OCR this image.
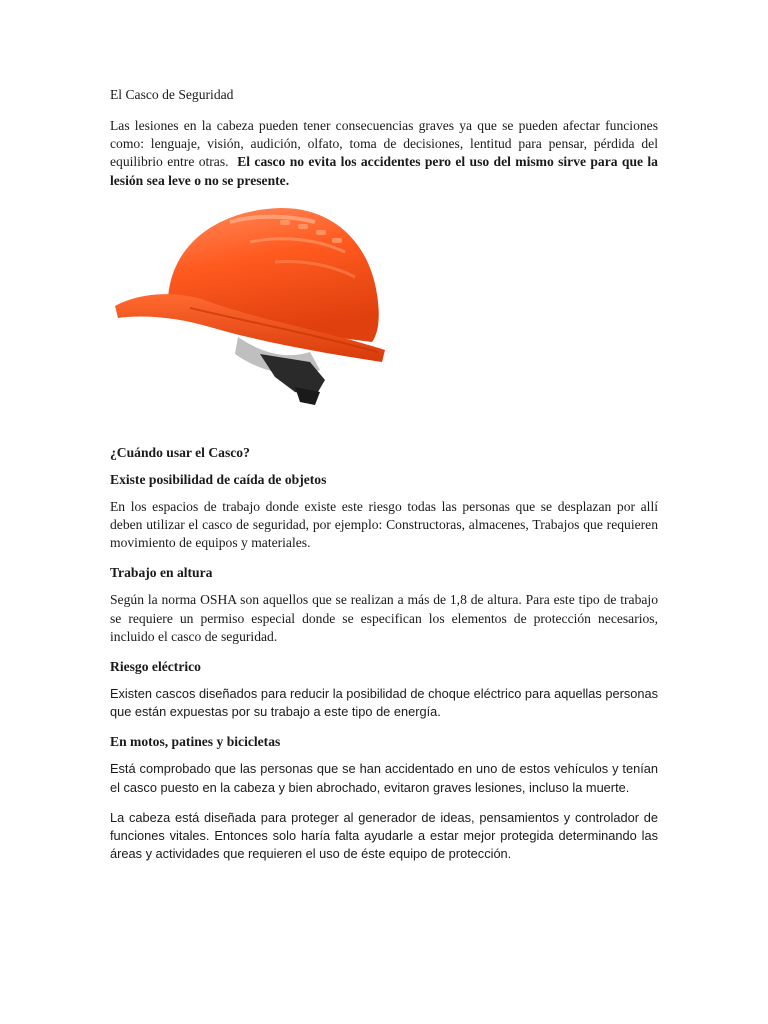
El Casco de Seguridad

Las lesiones en la cabeza pueden tener consecuencias graves ya que se pueden afectar funciones como: lenguaje, visión, audición, olfato, toma de decisiones, lentitud para pensar, pérdida del equilibrio entre otras. El casco no evita los accidentes pero el uso del mismo sirve para que la lesión sea leve o no se presente.

¿Cuándo usar el Casco?

Existe posibilidad de caída de objetos

En los espacios de trabajo donde existe este riesgo todas las personas que se desplazan por allí deben utilizar el casco de seguridad, por ejemplo: Constructoras, almacenes, Trabajos que requieren movimiento de equipos y materiales.

Trabajo en altura

Según la norma OSHA son aquellos que se realizan a más de 1,8 de altura. Para este tipo de trabajo se requiere un permiso especial donde se especifican los elementos de protección necesarios, incluido el casco de seguridad.

Riesgo eléctrico

Existen cascos diseñados para reducir la posibilidad de choque eléctrico para aquellas personas que están expuestas por su trabajo a este tipo de energía.

En motos, patines y bicicletas

Está comprobado que las personas que se han accidentado en uno de estos vehículos y tenían el casco puesto en la cabeza y bien abrochado, evitaron graves lesiones, incluso la muerte.

La cabeza está diseñada para proteger al generador de ideas, pensamientos y controlador de funciones vitales. Entonces solo haría falta ayudarle a estar mejor protegida determinando las áreas y actividades que requieren el uso de éste equipo de protección.
